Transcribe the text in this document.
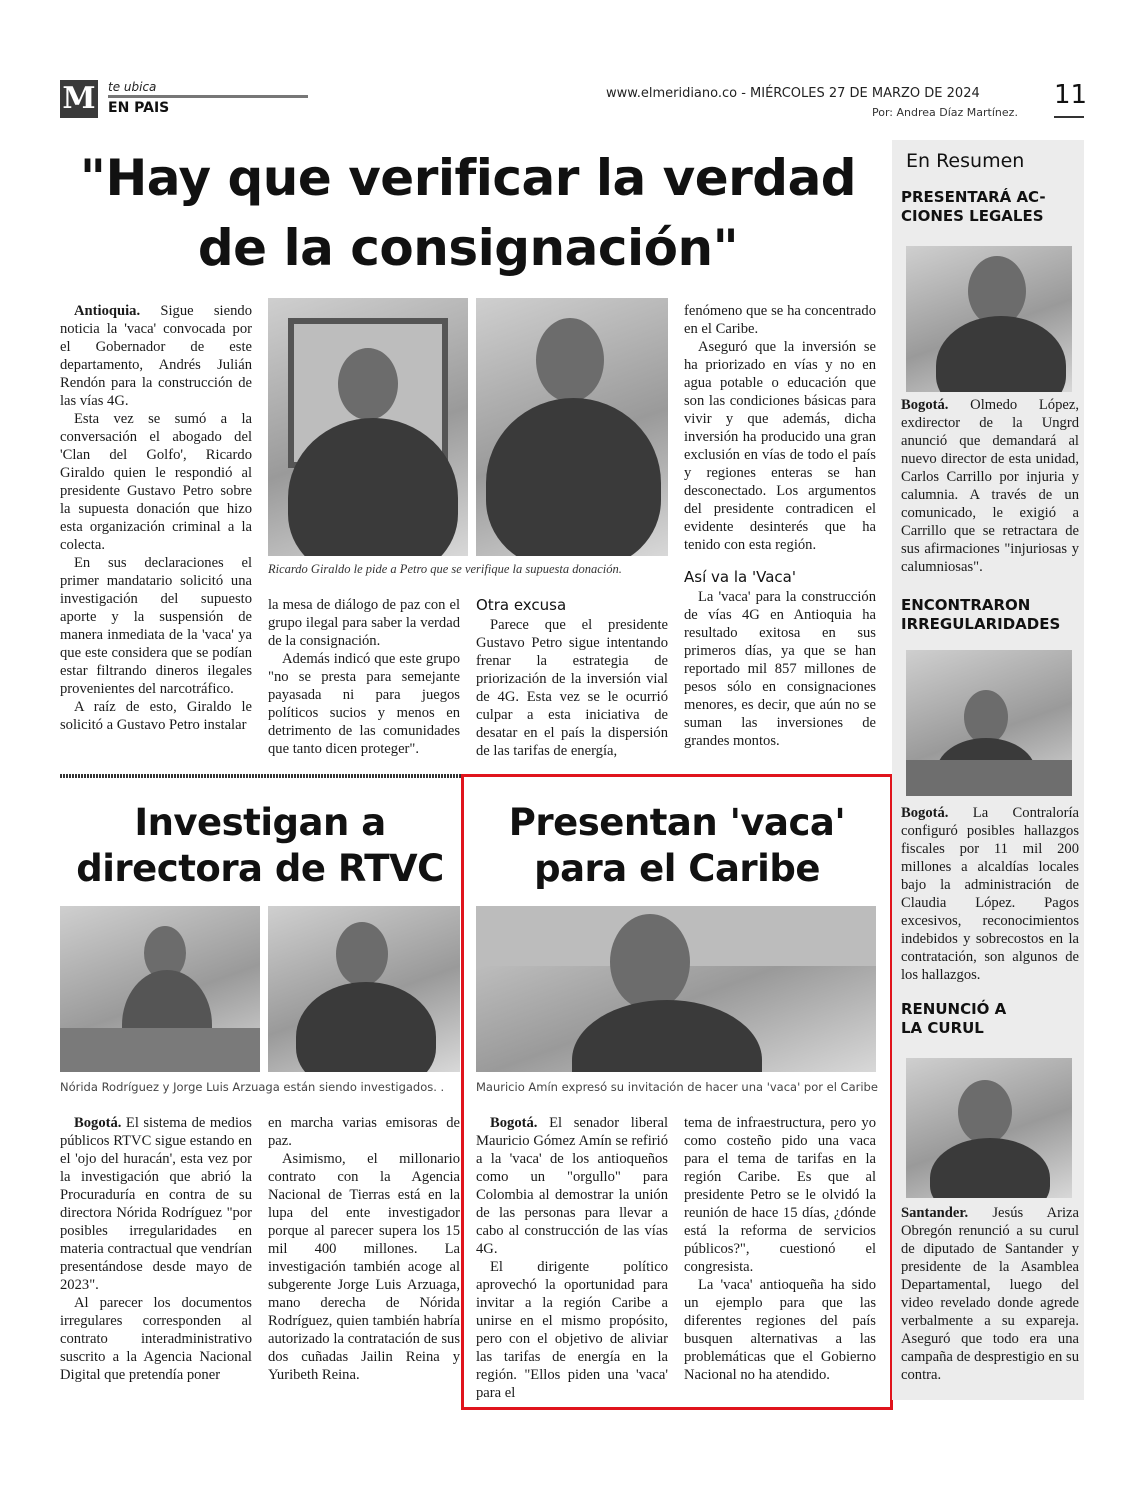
M te ubica
EN PAIS
www.elmeridiano.co - MIÉRCOLES 27 DE MARZO DE 2024
Por: Andrea Díaz Martínez.
11
"Hay que verificar la verdad
de la consignación"
Ricardo Giraldo le pide a Petro que se verifique la supuesta donación.

Antioquia. Sigue siendo noticia la 'vaca' convocada por el Gobernador de este departamento, Andrés Julián Rendón para la construcción de las vías 4G.

Esta vez se sumó a la conversación el abogado del 'Clan del Golfo', Ricardo Giraldo quien le respondió al presidente Gustavo Petro sobre la supuesta donación que hizo esta organización criminal a la colecta.

En sus declaraciones el primer mandatario solicitó una investigación del supuesto aporte y la suspensión de manera inmediata de la 'vaca' ya que este considera que se podían estar filtrando dineros ilegales provenientes del narcotráfico.

A raíz de esto, Giraldo le solicitó a Gustavo Petro instalar

la mesa de diálogo de paz con el grupo ilegal para saber la verdad de la consignación.

Además indicó que este grupo "no se presta para semejante payasada ni para juegos políticos sucios y menos en detrimento de las comunidades que tanto dicen proteger".

Otra excusa

Parece que el presidente Gustavo Petro sigue intentando frenar la estrategia de priorización de la inversión vial de 4G. Esta vez se le ocurrió culpar a esta iniciativa de desatar en el país la dispersión de las tarifas de energía,

fenómeno que se ha concentrado en el Caribe.

Aseguró que la inversión se ha priorizado en vías y no en agua potable o educación que son las condiciones básicas para vivir y que además, dicha inversión ha producido una gran exclusión en vías de todo el país y regiones enteras se han desconectado. Los argumentos del presidente contradicen el evidente desinterés que ha tenido con esta región.

Así va la 'Vaca'

La 'vaca' para la construcción de vías 4G en Antioquia ha resultado exitosa en sus primeros días, ya que se han reportado mil 857 millones de pesos sólo en consignaciones menores, es decir, que aún no se suman las inversiones de grandes montos.

Investigan a
directora de RTVC
Nórida Rodríguez y Jorge Luis Arzuaga están siendo investigados. .

Bogotá. El sistema de medios públicos RTVC sigue estando en el 'ojo del huracán', esta vez por la investigación que abrió la Procuraduría en contra de su directora Nórida Rodríguez "por posibles irregularidades en materia contractual que vendrían presentándose desde mayo de 2023".

Al parecer los documentos irregulares corresponden al contrato interadministrativo suscrito a la Agencia Nacional Digital que pretendía poner

en marcha varias emisoras de paz.

Asimismo, el millonario contrato con la Agencia Nacional de Tierras está en la lupa del ente investigador porque al parecer supera los 15 mil 400 millones. La investigación también acoge al subgerente Jorge Luis Arzuaga, mano derecha de Nórida Rodríguez, quien también habría autorizado la contratación de sus dos cuñadas Jailin Reina y Yuribeth Reina.

Presentan 'vaca'
para el Caribe
Mauricio Amín expresó su invitación de hacer una 'vaca' por el Caribe

Bogotá. El senador liberal Mauricio Gómez Amín se refirió a la 'vaca' de los antioqueños como un "orgullo" para Colombia al demostrar la unión de las personas para llevar a cabo al construcción de las vías 4G.

El dirigente político aprovechó la oportunidad para invitar a la región Caribe a unirse en el mismo propósito, pero con el objetivo de aliviar las tarifas de energía en la región. "Ellos piden una 'vaca' para el

tema de infraestructura, pero yo como costeño pido una vaca para el tema de tarifas en la región Caribe. Es que al presidente Petro se le olvidó la reunión de hace 15 días, ¿dónde está la reforma de servicios públicos?", cuestionó el congresista.

La 'vaca' antioqueña ha sido un ejemplo para que las diferentes regiones del país busquen alternativas a las problemáticas que el Gobierno Nacional no ha atendido.

En Resumen
PRESENTARÁ AC-
CIONES LEGALES

Bogotá. Olmedo López, exdirector de la Ungrd anunció que demandará al nuevo director de esta unidad, Carlos Carrillo por injuria y calumnia. A través de un comunicado, le exigió a Carrillo que se retractara de sus afirmaciones "injuriosas y calumniosas".

ENCONTRARON
IRREGULARIDADES

Bogotá. La Contraloría configuró posibles hallazgos fiscales por 11 mil 200 millones a alcaldías locales bajo la administración de Claudia López. Pagos excesivos, reconocimientos indebidos y sobrecostos en la contratación, son algunos de los hallazgos.

RENUNCIÓ A
LA CURUL

Santander. Jesús Ariza Obregón renunció a su curul de diputado de Santander y presidente de la Asamblea Departamental, luego del video revelado donde agrede verbalmente a su expareja. Aseguró que todo era una campaña de desprestigio en su contra.
